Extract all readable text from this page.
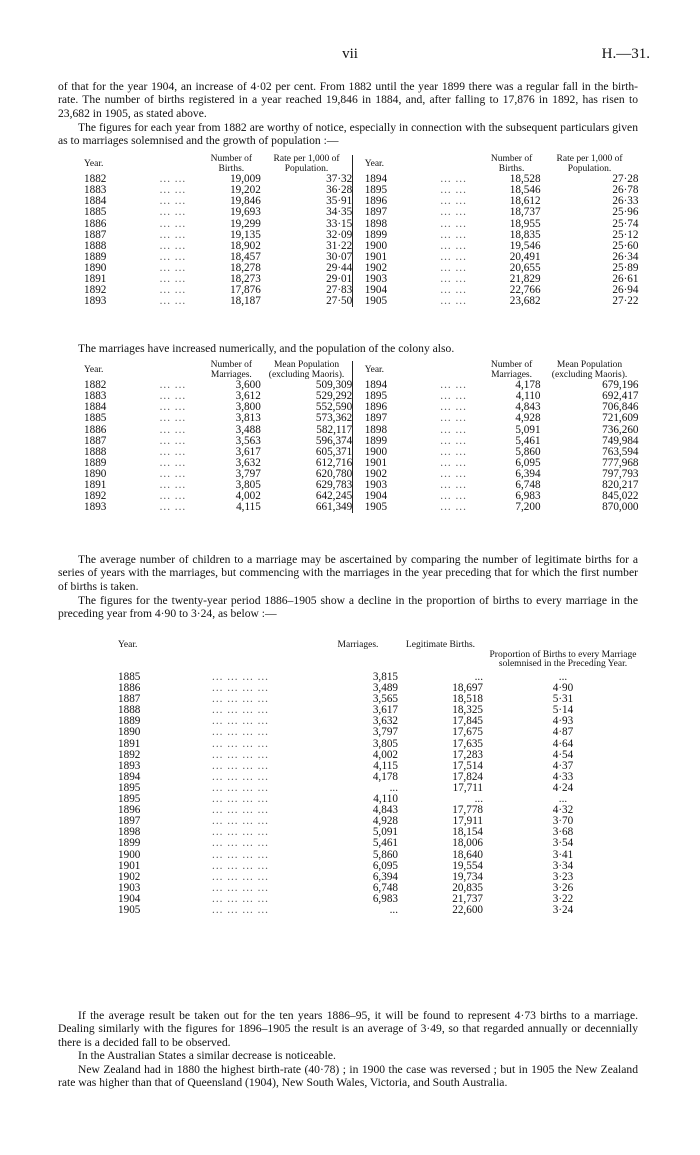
vii	H.—31.

of that for the year 1904, an increase of 4·02 per cent. From 1882 until the year 1899 there was a regular fall in the birth-rate. The number of births registered in a year reached 19,846 in 1884, and, after falling to 17,876 in 1892, has risen to 23,682 in 1905, as stated above.

The figures for each year from 1882 are worthy of notice, especially in connection with the subsequent particulars given as to marriages solemnised and the growth of population :—

Year.		Number of Births.	Rate per 1,000 of Population.		Year.		Number of Births.	Rate per 1,000 of Population.
1882	... ...	19,009	37·32		1894	... ...	18,528	27·28
1883	... ...	19,202	36·28		1895	... ...	18,546	26·78
1884	... ...	19,846	35·91		1896	... ...	18,612	26·33
1885	... ...	19,693	34·35		1897	... ...	18,737	25·96
1886	... ...	19,299	33·15		1898	... ...	18,955	25·74
1887	... ...	19,135	32·09		1899	... ...	18,835	25·12
1888	... ...	18,902	31·22		1900	... ...	19,546	25·60
1889	... ...	18,457	30·07		1901	... ...	20,491	26·34
1890	... ...	18,278	29·44		1902	... ...	20,655	25·89
1891	... ...	18,273	29·01		1903	... ...	21,829	26·61
1892	... ...	17,876	27·83		1904	... ...	22,766	26·94
1893	... ...	18,187	27·50		1905	... ...	23,682	27·22

The marriages have increased numerically, and the population of the colony also.

Year.		Number of Marriages.	Mean Population (excluding Maoris).		Year.		Number of Marriages.	Mean Population (excluding Maoris).
1882	... ...	3,600	509,309		1894	... ...	4,178	679,196
1883	... ...	3,612	529,292		1895	... ...	4,110	692,417
1884	... ...	3,800	552,590		1896	... ...	4,843	706,846
1885	... ...	3,813	573,362		1897	... ...	4,928	721,609
1886	... ...	3,488	582,117		1898	... ...	5,091	736,260
1887	... ...	3,563	596,374		1899	... ...	5,461	749,984
1888	... ...	3,617	605,371		1900	... ...	5,860	763,594
1889	... ...	3,632	612,716		1901	... ...	6,095	777,968
1890	... ...	3,797	620,780		1902	... ...	6,394	797,793
1891	... ...	3,805	629,783		1903	... ...	6,748	820,217
1892	... ...	4,002	642,245		1904	... ...	6,983	845,022
1893	... ...	4,115	661,349		1905	... ...	7,200	870,000

The average number of children to a marriage may be ascertained by comparing the number of legitimate births for a series of years with the marriages, but commencing with the marriages in the year preceding that for which the first number of births is taken.

The figures for the twenty-year period 1886–1905 show a decline in the proportion of births to every marriage in the preceding year from 4·90 to 3·24, as below :—

Year.		Marriages.	Legitimate Births.	Proportion of Births to every Marriage solemnised in the Preceding Year.
1885	... ... ... ...	3,815	...	...
1886	... ... ... ...	3,489	18,697	4·90
1887	... ... ... ...	3,565	18,518	5·31
1888	... ... ... ...	3,617	18,325	5·14
1889	... ... ... ...	3,632	17,845	4·93
1890	... ... ... ...	3,797	17,675	4·87
1891	... ... ... ...	3,805	17,635	4·64
1892	... ... ... ...	4,002	17,283	4·54
1893	... ... ... ...	4,115	17,514	4·37
1894	... ... ... ...	4,178	17,824	4·33
1895	... ... ... ...	...	17,711	4·24
1895	... ... ... ...	4,110	...	...
1896	... ... ... ...	4,843	17,778	4·32
1897	... ... ... ...	4,928	17,911	3·70
1898	... ... ... ...	5,091	18,154	3·68
1899	... ... ... ...	5,461	18,006	3·54
1900	... ... ... ...	5,860	18,640	3·41
1901	... ... ... ...	6,095	19,554	3·34
1902	... ... ... ...	6,394	19,734	3·23
1903	... ... ... ...	6,748	20,835	3·26
1904	... ... ... ...	6,983	21,737	3·22
1905	... ... ... ...	...	22,600	3·24

If the average result be taken out for the ten years 1886–95, it will be found to represent 4·73 births to a marriage. Dealing similarly with the figures for 1896–1905 the result is an average of 3·49, so that regarded annually or decennially there is a decided fall to be observed.

In the Australian States a similar decrease is noticeable.

New Zealand had in 1880 the highest birth-rate (40·78) ; in 1900 the case was reversed ; but in 1905 the New Zealand rate was higher than that of Queensland (1904), New South Wales, Victoria, and South Australia.
